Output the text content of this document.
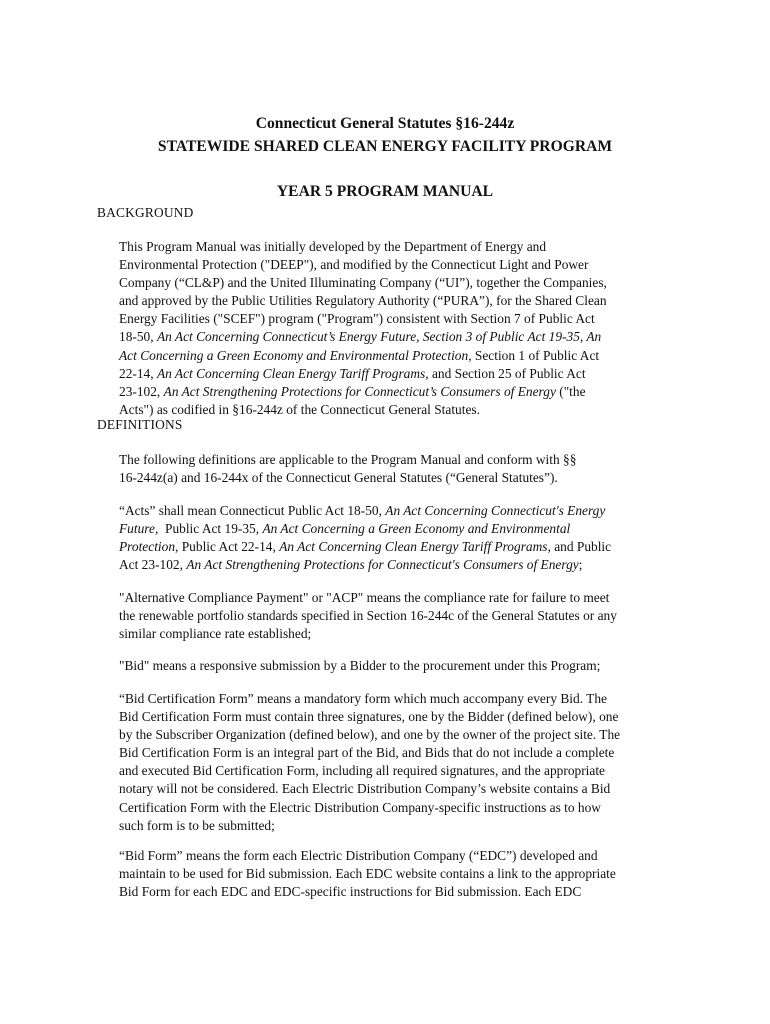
Connecticut General Statutes §16-244z
STATEWIDE SHARED CLEAN ENERGY FACILITY PROGRAM
YEAR 5 PROGRAM MANUAL
BACKGROUND
This Program Manual was initially developed by the Department of Energy and
Environmental Protection ("DEEP"), and modified by the Connecticut Light and Power
Company (“CL&P) and the United Illuminating Company (“UI”), together the Companies,
and approved by the Public Utilities Regulatory Authority (“PURA”), for the Shared Clean
Energy Facilities ("SCEF") program ("Program") consistent with Section 7 of Public Act
18-50, An Act Concerning Connecticut’s Energy Future, Section 3 of Public Act 19-35, An
Act Concerning a Green Economy and Environmental Protection, Section 1 of Public Act
22-14, An Act Concerning Clean Energy Tariff Programs, and Section 25 of Public Act
23-102, An Act Strengthening Protections for Connecticut’s Consumers of Energy ("the
Acts") as codified in §16-244z of the Connecticut General Statutes.
DEFINITIONS
The following definitions are applicable to the Program Manual and conform with §§
16-244z(a) and 16-244x of the Connecticut General Statutes (“General Statutes”).
“Acts” shall mean Connecticut Public Act 18-50, An Act Concerning Connecticut's Energy
Future,  Public Act 19-35, An Act Concerning a Green Economy and Environmental
Protection, Public Act 22-14, An Act Concerning Clean Energy Tariff Programs, and Public
Act 23-102, An Act Strengthening Protections for Connecticut's Consumers of Energy;
"Alternative Compliance Payment" or "ACP" means the compliance rate for failure to meet
the renewable portfolio standards specified in Section 16-244c of the General Statutes or any
similar compliance rate established;
"Bid" means a responsive submission by a Bidder to the procurement under this Program;
“Bid Certification Form” means a mandatory form which much accompany every Bid. The
Bid Certification Form must contain three signatures, one by the Bidder (defined below), one
by the Subscriber Organization (defined below), and one by the owner of the project site. The
Bid Certification Form is an integral part of the Bid, and Bids that do not include a complete
and executed Bid Certification Form, including all required signatures, and the appropriate
notary will not be considered. Each Electric Distribution Company’s website contains a Bid
Certification Form with the Electric Distribution Company-specific instructions as to how
such form is to be submitted;
“Bid Form” means the form each Electric Distribution Company (“EDC”) developed and
maintain to be used for Bid submission. Each EDC website contains a link to the appropriate
Bid Form for each EDC and EDC-specific instructions for Bid submission. Each EDC
